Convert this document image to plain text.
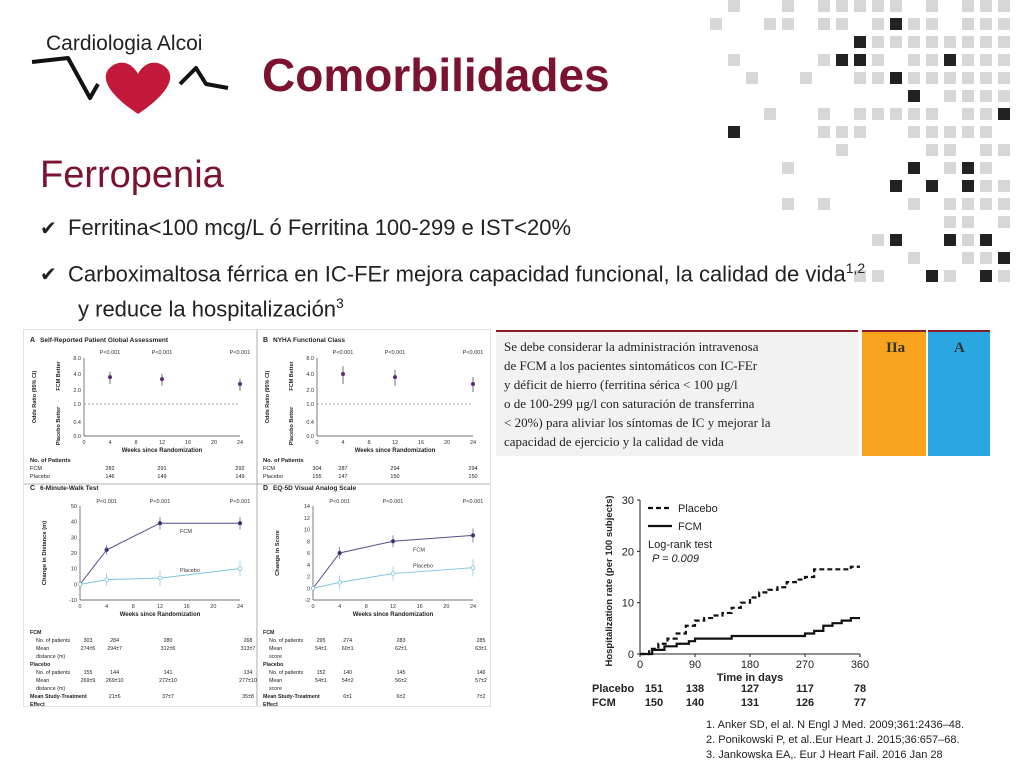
Cardiologia Alcoi
Comorbilidades
Ferropenia
✔ Ferritina<100 mcg/L ó Ferritina 100-299 e IST<20%
✔ Carboximaltosa férrica en IC-FEr mejora capacidad funcional, la calidad de vida$^{1,2}$
y reduce la hospitalización$^3$
A Self-Reported Patient Global Assessment
0.0
0.4
1.0
2.0
4.0
8.0
0	4	8	12	16	20	24
Weeks since Randomization
Odds Ratio (95% CI)	FCM Better
Placebo Better
P<0.001	P<0.001	P<0.001
No. of Patients
FCM	282	291	292
Placebo	146	149	149
B NYHA Functional Class
0.0
0.4
1.0
2.0
4.0
8.0
0	4	8	12	16	20	24
Weeks since Randomization
Odds Ratio (95% CI)	FCM Better
Placebo Better
P<0.001	P<0.001	P<0.001
No. of Patients
FCM	304	287	294	294
Placebo	155	147	150	150
C 6-Minute-Walk Test
-10
0
10
20
30
40
50
0	4	8	12	16	20	24
Weeks since Randomization
Change in Distance (m)	FCM
Placebo
P<0.001	P<0.001	P<0.001
FCM
No. of patients	303	284	280	268
Mean	274±6 294±7	312±6	313±7
distance (m)
Placebo
No. of patients	155	144	141	134
Mean	269±9 269±10	272±10	277±10
distance (m)
Mean Study-Treatment	21±6	37±7	35±8
Effect
D EQ-5D Visual Analog Scale
-2
0
2
4
6
8
10
12
14
0	4	8	12	16	20	24
Weeks since Randomization
Change in Score	FCM
Placebo
P<0.001	P<0.001	P<0.001
FCM
No. of patients	295	274	283	285
Mean	54±1	60±1	62±1	63±1
score
Placebo
No. of patients	152	140	145	146
Mean	54±1	54±2	56±2	57±2
score
Mean Study-Treatment	6±1	6±2	7±2
Effect
Se debe considerar la administración intravenosa
de FCM a los pacientes sintomáticos con IC-FEr
y déficit de hierro (ferritina sérica < 100 µg/l
o de 100-299 µg/l con saturación de transferrina
< 20%) para aliviar los síntomas de IC y mejorar la
capacidad de ejercicio y la calidad de vida
IIa	A
0
10
20
30
0	90	180	270	360
Time in days
Hospitalization rate (per 100 subjects)	Placebo
FCM
Log-rank test
P = 0.009
Placebo 151 138	127	117	78
FCM	150 140	131	126	77
1. Anker SD, el al. N Engl J Med. 2009;361:2436–48.
2. Ponikowski P, et al..Eur Heart J. 2015;36:657–68.
3. Jankowska EA,. Eur J Heart Fail. 2016 Jan 28
